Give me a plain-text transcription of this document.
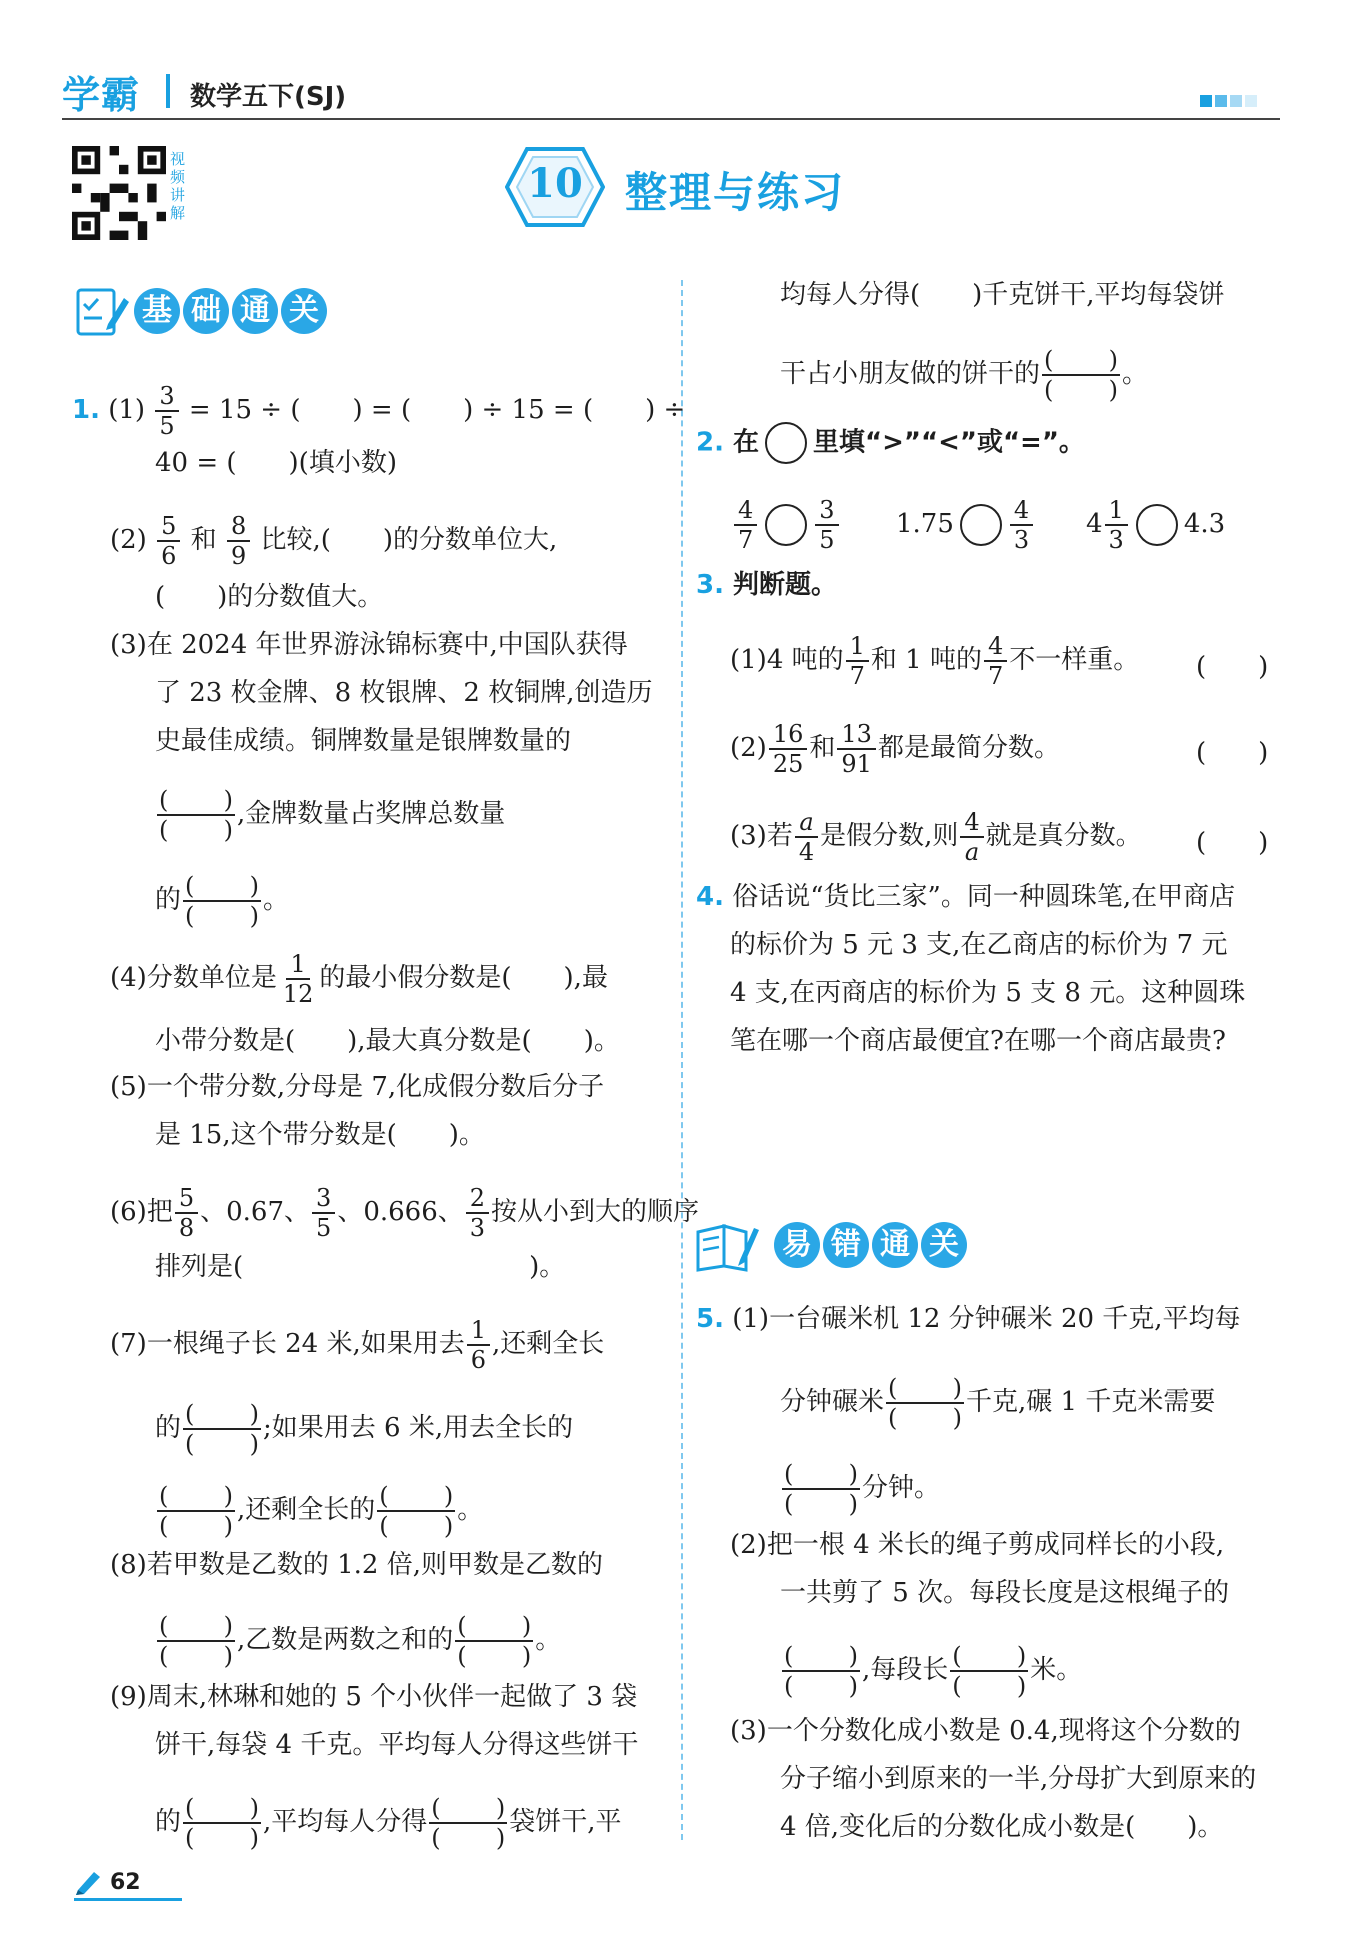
学霸 数学五下(SJ)
视频讲解
10	整理与练习
基 础 通 关
1. $(1) \frac{3}{5} = 15$ ÷ (　　) = (　　) ÷ 15 = (　　) ÷
40 = (　　)(填小数)
$(2) \frac{5}{6}$ 和 $\frac{8}{9}$ 比较,(　　)的分数单位大,
(　　)的分数值大。
(3)在 2024 年世界游泳锦标赛中,中国队获得
了 23 枚金牌、8 枚银牌、2 枚铜牌,创造历
史最佳成绩。铜牌数量是银牌数量的
$\frac{( )}{( )}$ ,金牌数量占奖牌总数量
的 $\frac{( )}{( )}$ 。
(4)分数单位是 $\frac{1}{12}$ 的最小假分数是(　　),最
小带分数是(　　),最大真分数是(　　)。
(5)一个带分数,分母是 7,化成假分数后分子
是 15,这个带分数是(　　)。
(6)把 $\frac{5}{8}$ 、0.67、 $\frac{3}{5}$ 、0.666、 $\frac{2}{3}$ 按从小到大的顺序
排列是(　　　　　　　　　　　)。
(7)一根绳子长 24 米,如果用去 $\frac{1}{6}$ ,还剩全长
的 $\frac{( )}{( )}$ ;如果用去 6 米,用去全长的
$\frac{( )}{( )}$ ,还剩全长的 $\frac{( )}{( )}$ 。
(8)若甲数是乙数的 1.2 倍,则甲数是乙数的
$\frac{( )}{( )}$ ,乙数是两数之和的 $\frac{( )}{( )}$ 。
(9)周末,林琳和她的 5 个小伙伴一起做了 3 袋
饼干,每袋 4 千克。平均每人分得这些饼干
的 $\frac{( )}{( )}$ ,平均每人分得 $\frac{( )}{( )}$ 袋饼干,平
均每人分得(　　)千克饼干,平均每袋饼
干占小朋友做的饼干的 $\frac{( )}{( )}$ 。
2. 在 里填“>”“<”或“=”。
$\frac{4}{7} \frac{3}{5} 1.75 \frac{4}{3} 4 \frac{1}{3} 4.3$
3. 判断题。
(1)4 吨的 $\frac{1}{7}$ 和 1 吨的 $\frac{4}{7}$ 不一样重。 (　　)
$(2) \frac{16}{25}$ 和 $\frac{13}{91}$ 都是最简分数。	(　　)
(3)若 $\frac{a}{4}$ 是假分数,则 $\frac{4}{a}$ 就是真分数。 (　　)
4. 俗话说“货比三家”。同一种圆珠笔,在甲商店
的标价为 5 元 3 支,在乙商店的标价为 7 元
4 支,在丙商店的标价为 5 支 8 元。这种圆珠
笔在哪一个商店最便宜?在哪一个商店最贵?
易 错 通 关
5. (1)一台碾米机 12 分钟碾米 20 千克,平均每
分钟碾米 $\frac{( )}{( )}$ 千克,碾 1 千克米需要
$\frac{( )}{( )}$ 分钟。
(2)把一根 4 米长的绳子剪成同样长的小段,
一共剪了 5 次。每段长度是这根绳子的
$\frac{( )}{( )}$ ,每段长 $\frac{( )}{( )}$ 米。
(3)一个分数化成小数是 0.4,现将这个分数的
分子缩小到原来的一半,分母扩大到原来的
4 倍,变化后的分数化成小数是(　　)。
62
